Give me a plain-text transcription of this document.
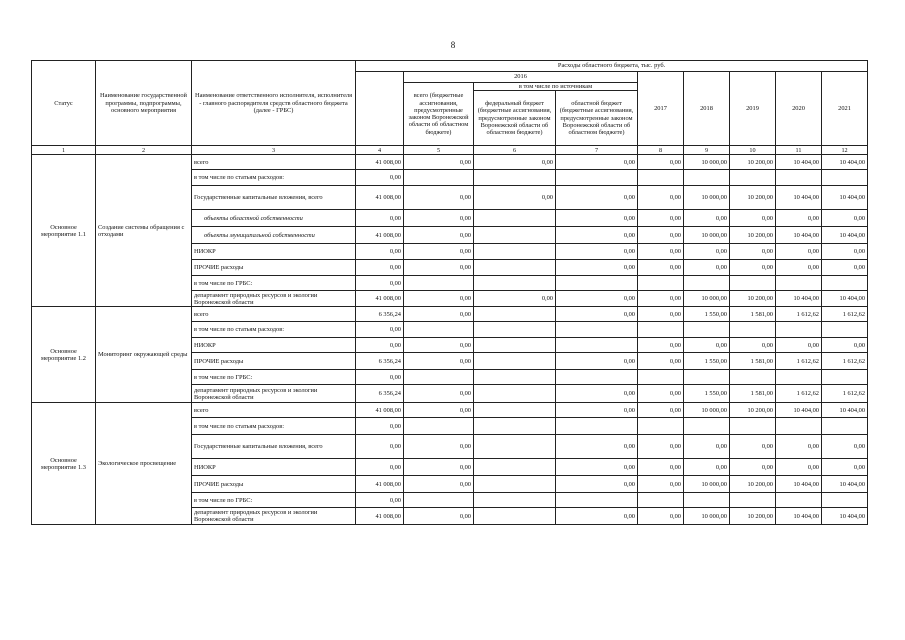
8
Статус	Наименование государственной программы, подпрограммы, основного мероприятия	Наименование ответственного исполнителя, исполнителя - главного распорядителя средств областного бюджета (далее - ГРБС)	Расходы областного бюджета, тыс. руб.								
				2016			2017	2018	2019	2020	2021
				всего (бюджетные ассигнования, предусмотренные законом Воронежской области об областном бюджете)	в том числе по источникам						
					федеральный бюджет (бюджетные ассигнования, предусмотренные законом Воронежской области об областном бюджете)	областной бюджет (бюджетные ассигнования, предусмотренные законом Воронежской области об областном бюджете)					
1	2	3	4	5	6	7	8	9	10	11	12
Основное мероприятие 1.1	Создание системы обращения с отходами	всего	41 008,00	0,00	0,00	0,00	0,00	10 000,00	10 200,00	10 404,00	10 404,00
		в том числе по статьям расходов:	0,00								
		Государственные капитальные вложения, всего	41 008,00	0,00	0,00	0,00	0,00	10 000,00	10 200,00	10 404,00	10 404,00
		объекты областной собственности	0,00	0,00		0,00	0,00	0,00	0,00	0,00	0,00
		объекты муниципальной собственности	41 008,00	0,00		0,00	0,00	10 000,00	10 200,00	10 404,00	10 404,00
		НИОКР	0,00	0,00		0,00	0,00	0,00	0,00	0,00	0,00
		ПРОЧИЕ расходы	0,00	0,00		0,00	0,00	0,00	0,00	0,00	0,00
		в том числе по ГРБС:	0,00								
		департамент природных ресурсов и экологии Воронежской области	41 008,00	0,00	0,00	0,00	0,00	10 000,00	10 200,00	10 404,00	10 404,00
Основное мероприятие 1.2	Мониторинг окружающей среды	всего	6 356,24	0,00		0,00	0,00	1 550,00	1 581,00	1 612,62	1 612,62
		в том числе по статьям расходов:	0,00								
		НИОКР	0,00	0,00			0,00	0,00	0,00	0,00	0,00
		ПРОЧИЕ расходы	6 356,24	0,00		0,00	0,00	1 550,00	1 581,00	1 612,62	1 612,62
		в том числе по ГРБС:	0,00								
		департамент природных ресурсов и экологии Воронежской области	6 356,24	0,00		0,00	0,00	1 550,00	1 581,00	1 612,62	1 612,62
Основное мероприятие 1.3	Экологическое просвещение	всего	41 008,00	0,00		0,00	0,00	10 000,00	10 200,00	10 404,00	10 404,00
		в том числе по статьям расходов:	0,00								
		Государственные капитальные вложения, всего	0,00	0,00		0,00	0,00	0,00	0,00	0,00	0,00
		НИОКР	0,00	0,00		0,00	0,00	0,00	0,00	0,00	0,00
		ПРОЧИЕ расходы	41 008,00	0,00		0,00	0,00	10 000,00	10 200,00	10 404,00	10 404,00
		в том числе по ГРБС:	0,00								
		департамент природных ресурсов и экологии Воронежской области	41 008,00	0,00		0,00	0,00	10 000,00	10 200,00	10 404,00	10 404,00
